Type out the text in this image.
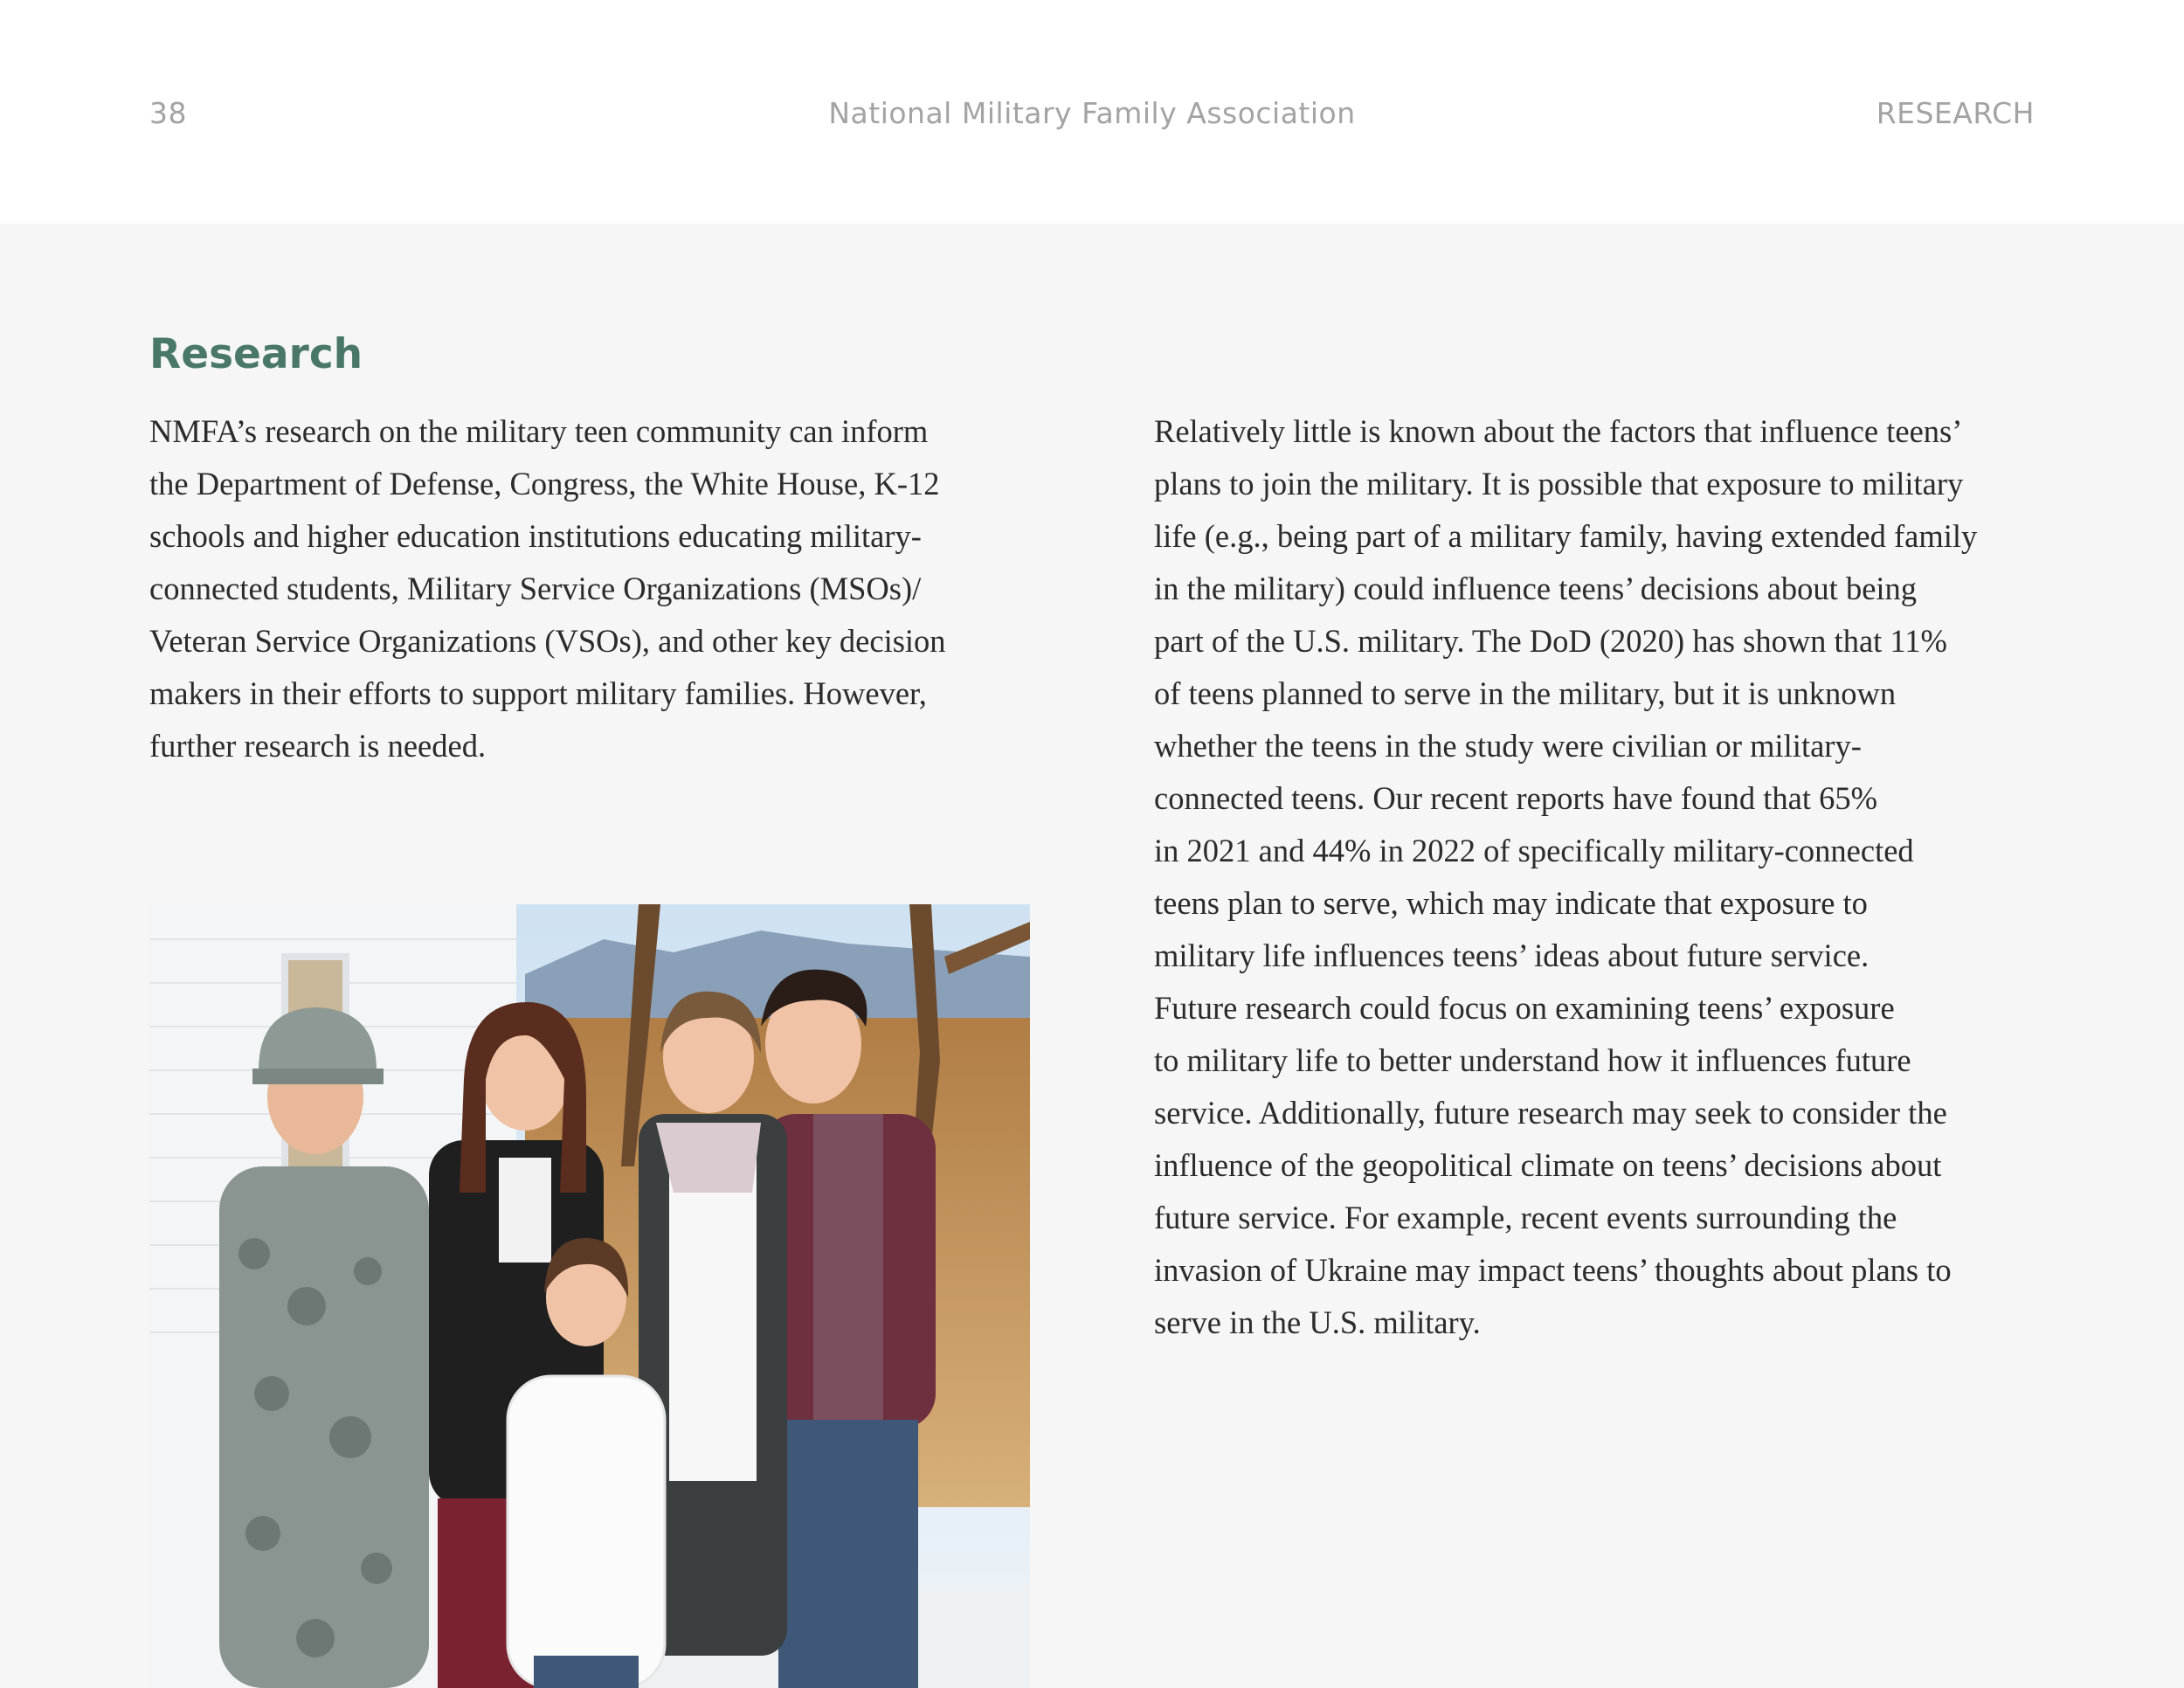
38	National Military Family Association	RESEARCH
Research

NMFA’s research on the military teen community can inform
the Department of Defense, Congress, the White House, K-12
schools and higher education institutions educating military-
connected students, Military Service Organizations (MSOs)/
Veteran Service Organizations (VSOs), and other key decision
makers in their efforts to support military families. However,
further research is needed.

Relatively little is known about the factors that influence teens’
plans to join the military. It is possible that exposure to military
life (e.g., being part of a military family, having extended family
in the military) could influence teens’ decisions about being
part of the U.S. military. The DoD (2020) has shown that 11%
of teens planned to serve in the military, but it is unknown
whether the teens in the study were civilian or military-
connected teens. Our recent reports have found that 65%
in 2021 and 44% in 2022 of specifically military-connected
teens plan to serve, which may indicate that exposure to
military life influences teens’ ideas about future service.
Future research could focus on examining teens’ exposure
to military life to better understand how it influences future
service. Additionally, future research may seek to consider the
influence of the geopolitical climate on teens’ decisions about
future service. For example, recent events surrounding the
invasion of Ukraine may impact teens’ thoughts about plans to
serve in the U.S. military.
